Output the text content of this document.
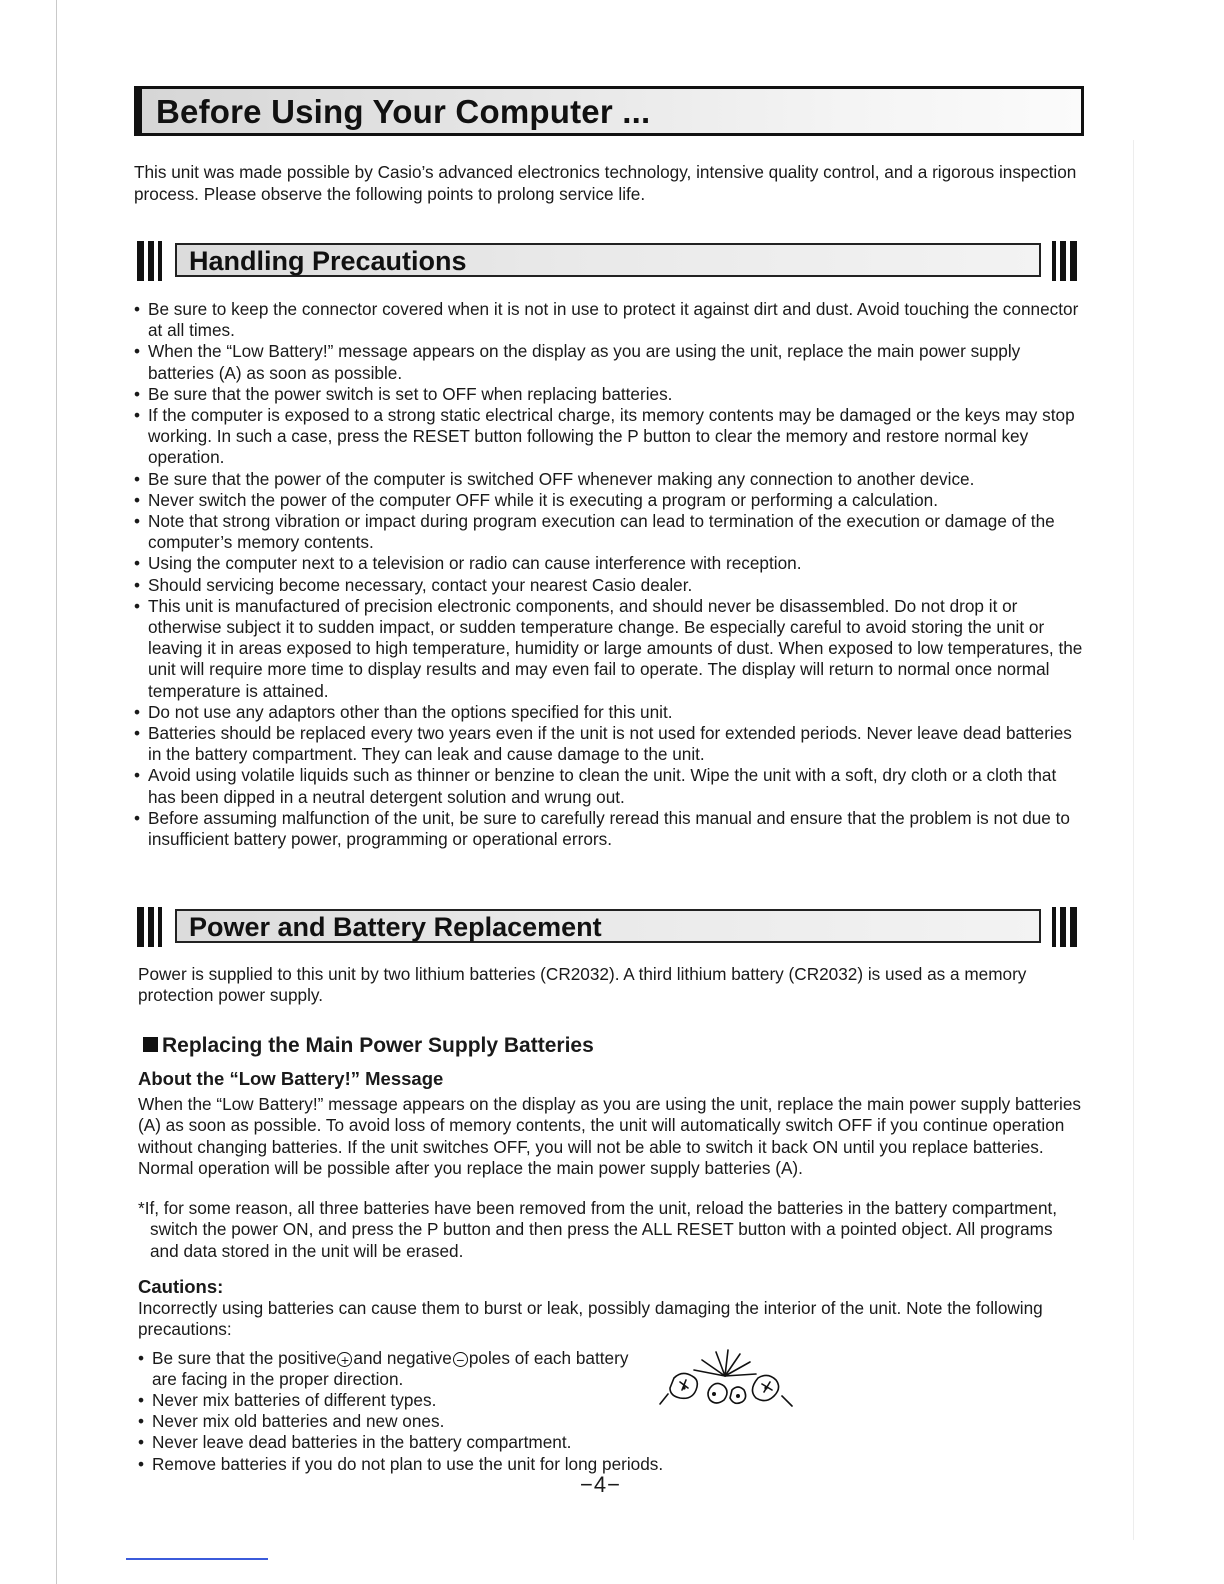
Before Using Your Computer ...

This unit was made possible by Casio’s advanced electronics technology, intensive quality control, and a rigorous inspection process. Please observe the following points to prolong service life.

Handling Precautions
• Be sure to keep the connector covered when it is not in use to protect it against dirt and dust. Avoid touching the connector at all times.
• When the “Low Battery!” message appears on the display as you are using the unit, replace the main power supply batteries (A) as soon as possible.
• Be sure that the power switch is set to OFF when replacing batteries.
• If the computer is exposed to a strong static electrical charge, its memory contents may be damaged or the keys may stop working. In such a case, press the RESET button following the P button to clear the memory and restore normal key operation.
• Be sure that the power of the computer is switched OFF whenever making any connection to another device.
• Never switch the power of the computer OFF while it is executing a program or performing a calculation.
• Note that strong vibration or impact during program execution can lead to termination of the execution or damage of the computer’s memory contents.
• Using the computer next to a television or radio can cause interference with reception.
• Should servicing become necessary, contact your nearest Casio dealer.
• This unit is manufactured of precision electronic components, and should never be disassembled. Do not drop it or otherwise subject it to sudden impact, or sudden temperature change. Be especially careful to avoid storing the unit or leaving it in areas exposed to high temperature, humidity or large amounts of dust. When exposed to low temperatures, the unit will require more time to display results and may even fail to operate. The display will return to normal once normal temperature is attained.
• Do not use any adaptors other than the options specified for this unit.
• Batteries should be replaced every two years even if the unit is not used for extended periods. Never leave dead batteries in the battery compartment. They can leak and cause damage to the unit.
• Avoid using volatile liquids such as thinner or benzine to clean the unit. Wipe the unit with a soft, dry cloth or a cloth that has been dipped in a neutral detergent solution and wrung out.
• Before assuming malfunction of the unit, be sure to carefully reread this manual and ensure that the problem is not due to insufficient battery power, programming or operational errors.
Power and Battery Replacement

Power is supplied to this unit by two lithium batteries (CR2032). A third lithium battery (CR2032) is used as a memory protection power supply.

Replacing the Main Power Supply Batteries
About the “Low Battery!” Message

When the “Low Battery!” message appears on the display as you are using the unit, replace the main power supply batteries (A) as soon as possible. To avoid loss of memory contents, the unit will automatically switch OFF if you continue operation without changing batteries. If the unit switches OFF, you will not be able to switch it back ON until you replace batteries. Normal operation will be possible after you replace the main power supply batteries (A).

*If, for some reason, all three batteries have been removed from the unit, reload the batteries in the battery compartment, switch the power ON, and press the P button and then press the ALL RESET button with a pointed object. All programs and data stored in the unit will be erased.

Cautions:

Incorrectly using batteries can cause them to burst or leak, possibly damaging the interior of the unit. Note the following precautions:

• Be sure that the positive + and negative − poles of each battery are facing in the proper direction.
• Never mix batteries of different types.
• Never mix old batteries and new ones.
• Never leave dead batteries in the battery compartment.
• Remove batteries if you do not plan to use the unit for long periods.
−4−
